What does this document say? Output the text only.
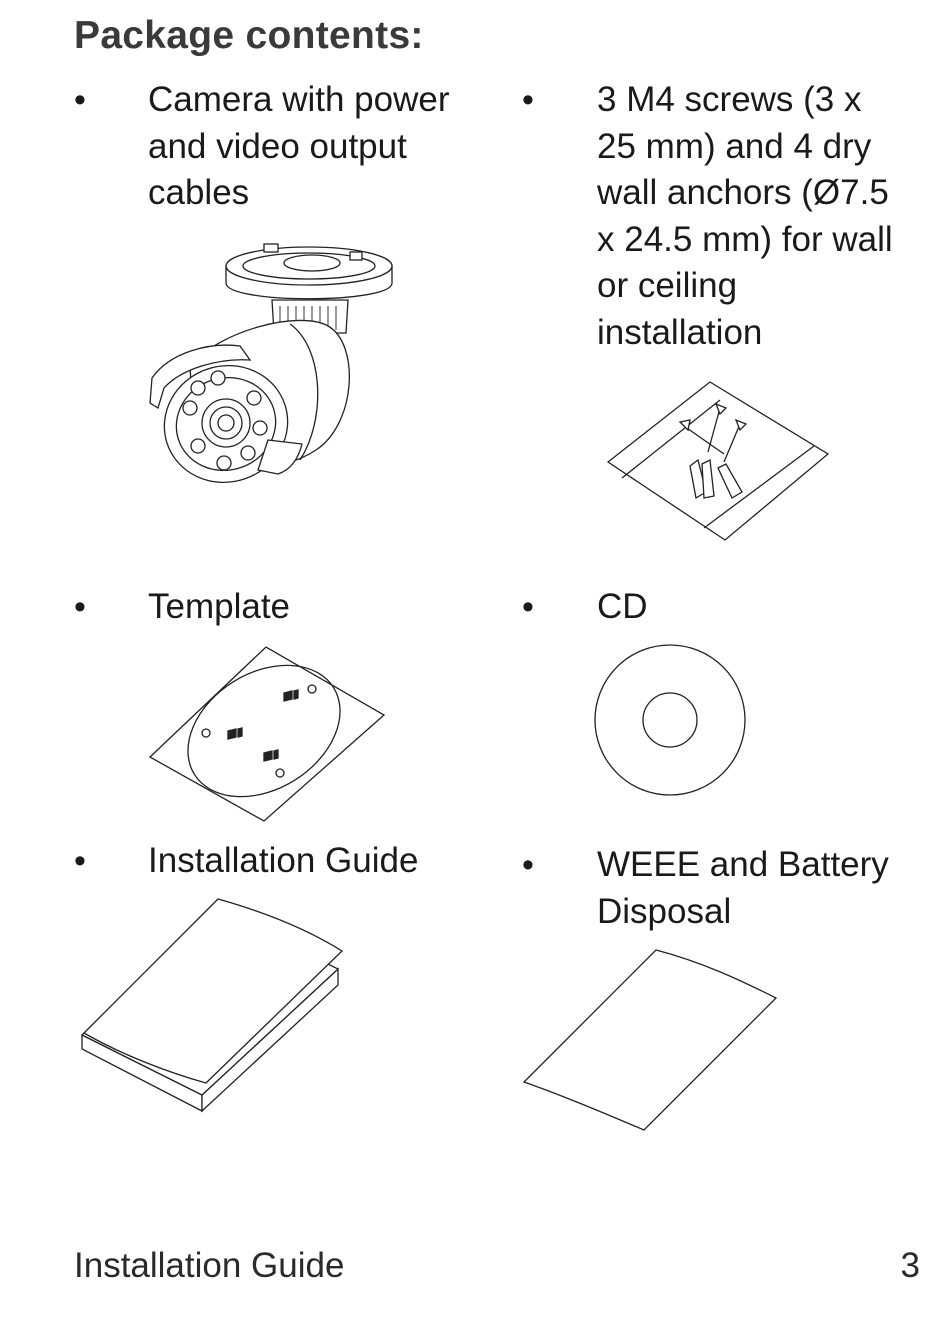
Package contents:
• Camera with power
and video output
cables
• 3 M4 screws (3 x
25 mm) and 4 dry
wall anchors (Ø7.5
x 24.5 mm) for wall
or ceiling
installation
• Template	• CD
• Installation Guide	• WEEE and Battery
Disposal
Installation Guide	3
